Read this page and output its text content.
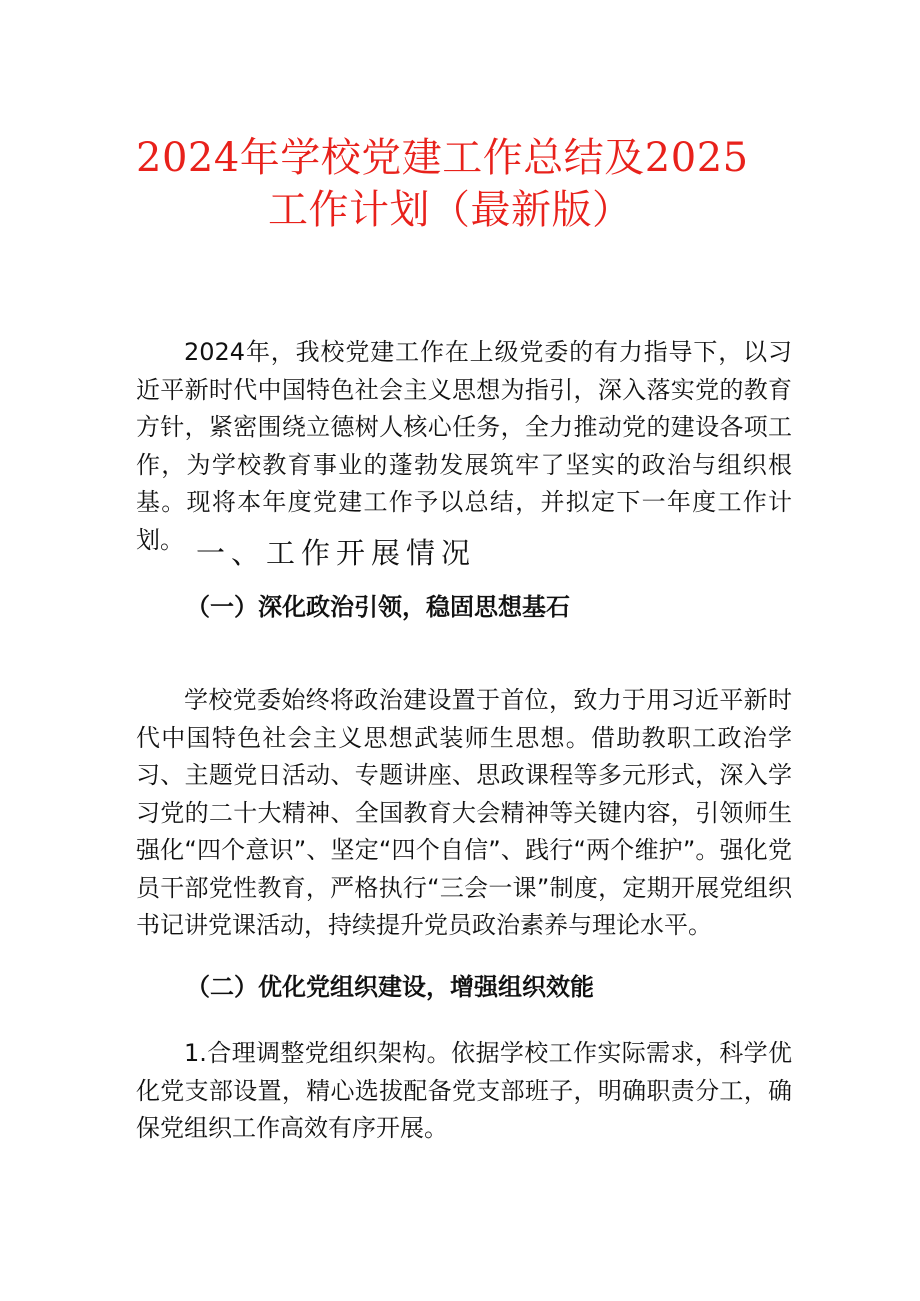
2024年学校党建工作总结及2025
工作计划（最新版）

2024年，我校党建工作在上级党委的有力指导下，以习近平新时代中国特色社会主义思想为指引，深入落实党的教育方针，紧密围绕立德树人核心任务，全力推动党的建设各项工作，为学校教育事业的蓬勃发展筑牢了坚实的政治与组织根基。现将本年度党建工作予以总结，并拟定下一年度工作计划。 一、工作开展情况
（一）深化政治引领，稳固思想基石

学校党委始终将政治建设置于首位，致力于用习近平新时代中国特色社会主义思想武装师生思想。借助教职工政治学习、主题党日活动、专题讲座、思政课程等多元形式，深入学习党的二十大精神、全国教育大会精神等关键内容，引领师生强化“四个意识”、坚定“四个自信”、践行“两个维护”。强化党员干部党性教育，严格执行“三会一课”制度，定期开展党组织书记讲党课活动，持续提升党员政治素养与理论水平。

（二）优化党组织建设，增强组织效能

1.合理调整党组织架构。依据学校工作实际需求，科学优化党支部设置，精心选拔配备党支部班子，明确职责分工，确保党组织工作高效有序开展。
